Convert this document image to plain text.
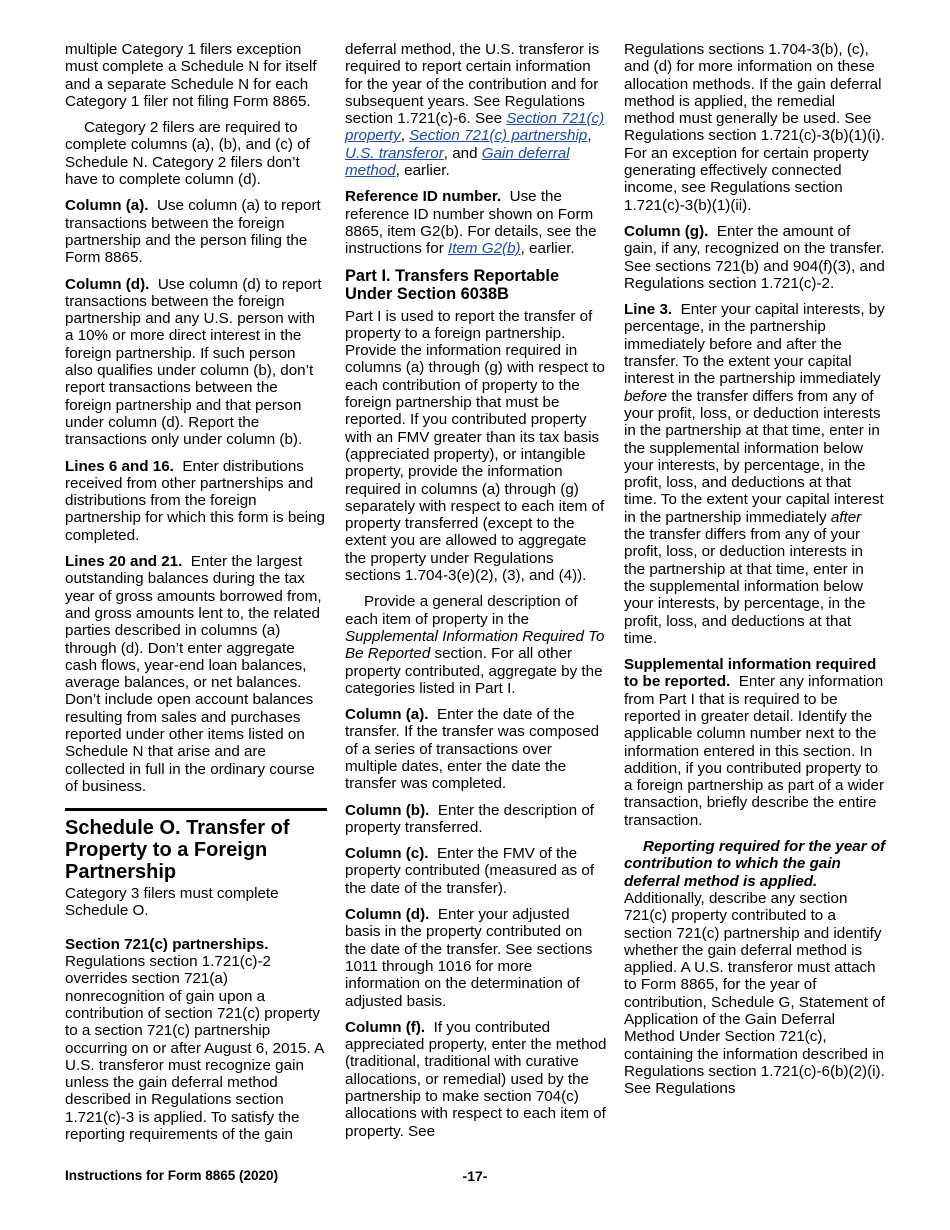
multiple Category 1 filers exception must complete a Schedule N for itself and a separate Schedule N for each Category 1 filer not filing Form 8865.

Category 2 filers are required to complete columns (a), (b), and (c) of Schedule N. Category 2 filers don’t have to complete column (d).

Column (a). Use column (a) to report transactions between the foreign partnership and the person filing the Form 8865.

Column (d). Use column (d) to report transactions between the foreign partnership and any U.S. person with a 10% or more direct interest in the foreign partnership. If such person also qualifies under column (b), don’t report transactions between the foreign partnership and that person under column (d). Report the transactions only under column (b).

Lines 6 and 16. Enter distributions received from other partnerships and distributions from the foreign partnership for which this form is being completed.

Lines 20 and 21. Enter the largest outstanding balances during the tax year of gross amounts borrowed from, and gross amounts lent to, the related parties described in columns (a) through (d). Don’t enter aggregate cash flows, year-end loan balances, average balances, or net balances. Don’t include open account balances resulting from sales and purchases reported under other items listed on Schedule N that arise and are collected in full in the ordinary course of business.

Schedule O. Transfer of Property to a Foreign Partnership

Category 3 filers must complete Schedule O.

Section 721(c) partnerships. Regulations section 1.721(c)-2 overrides section 721(a) nonrecognition of gain upon a contribution of section 721(c) property to a section 721(c) partnership occurring on or after August 6, 2015. A U.S. transferor must recognize gain unless the gain deferral method described in Regulations section 1.721(c)-3 is applied. To satisfy the reporting requirements of the gain

deferral method, the U.S. transferor is required to report certain information for the year of the contribution and for subsequent years. See Regulations section 1.721(c)-6. See Section 721(c) property, Section 721(c) partnership, U.S. transferor, and Gain deferral method, earlier.

Reference ID number. Use the reference ID number shown on Form 8865, item G2(b). For details, see the instructions for Item G2(b), earlier.

Part I. Transfers Reportable Under Section 6038B

Part I is used to report the transfer of property to a foreign partnership. Provide the information required in columns (a) through (g) with respect to each contribution of property to the foreign partnership that must be reported. If you contributed property with an FMV greater than its tax basis (appreciated property), or intangible property, provide the information required in columns (a) through (g) separately with respect to each item of property transferred (except to the extent you are allowed to aggregate the property under Regulations sections 1.704-3(e)(2), (3), and (4)).

Provide a general description of each item of property in the Supplemental Information Required To Be Reported section. For all other property contributed, aggregate by the categories listed in Part I.

Column (a). Enter the date of the transfer. If the transfer was composed of a series of transactions over multiple dates, enter the date the transfer was completed.

Column (b). Enter the description of property transferred.

Column (c). Enter the FMV of the property contributed (measured as of the date of the transfer).

Column (d). Enter your adjusted basis in the property contributed on the date of the transfer. See sections 1011 through 1016 for more information on the determination of adjusted basis.

Column (f). If you contributed appreciated property, enter the method (traditional, traditional with curative allocations, or remedial) used by the partnership to make section 704(c) allocations with respect to each item of property. See

Regulations sections 1.704-3(b), (c), and (d) for more information on these allocation methods. If the gain deferral method is applied, the remedial method must generally be used. See Regulations section 1.721(c)-3(b)(1)(i). For an exception for certain property generating effectively connected income, see Regulations section 1.721(c)-3(b)(1)(ii).

Column (g). Enter the amount of gain, if any, recognized on the transfer. See sections 721(b) and 904(f)(3), and Regulations section 1.721(c)-2.

Line 3. Enter your capital interests, by percentage, in the partnership immediately before and after the transfer. To the extent your capital interest in the partnership immediately before the transfer differs from any of your profit, loss, or deduction interests in the partnership at that time, enter in the supplemental information below your interests, by percentage, in the profit, loss, and deductions at that time. To the extent your capital interest in the partnership immediately after the transfer differs from any of your profit, loss, or deduction interests in the partnership at that time, enter in the supplemental information below your interests, by percentage, in the profit, loss, and deductions at that time.

Supplemental information required to be reported. Enter any information from Part I that is required to be reported in greater detail. Identify the applicable column number next to the information entered in this section. In addition, if you contributed property to a foreign partnership as part of a wider transaction, briefly describe the entire transaction.

Reporting required for the year of contribution to which the gain deferral method is applied. Additionally, describe any section 721(c) property contributed to a section 721(c) partnership and identify whether the gain deferral method is applied. A U.S. transferor must attach to Form 8865, for the year of contribution, Schedule G, Statement of Application of the Gain Deferral Method Under Section 721(c), containing the information described in Regulations section 1.721(c)-6(b)(2)(i). See Regulations

Instructions for Form 8865 (2020)	-17-
